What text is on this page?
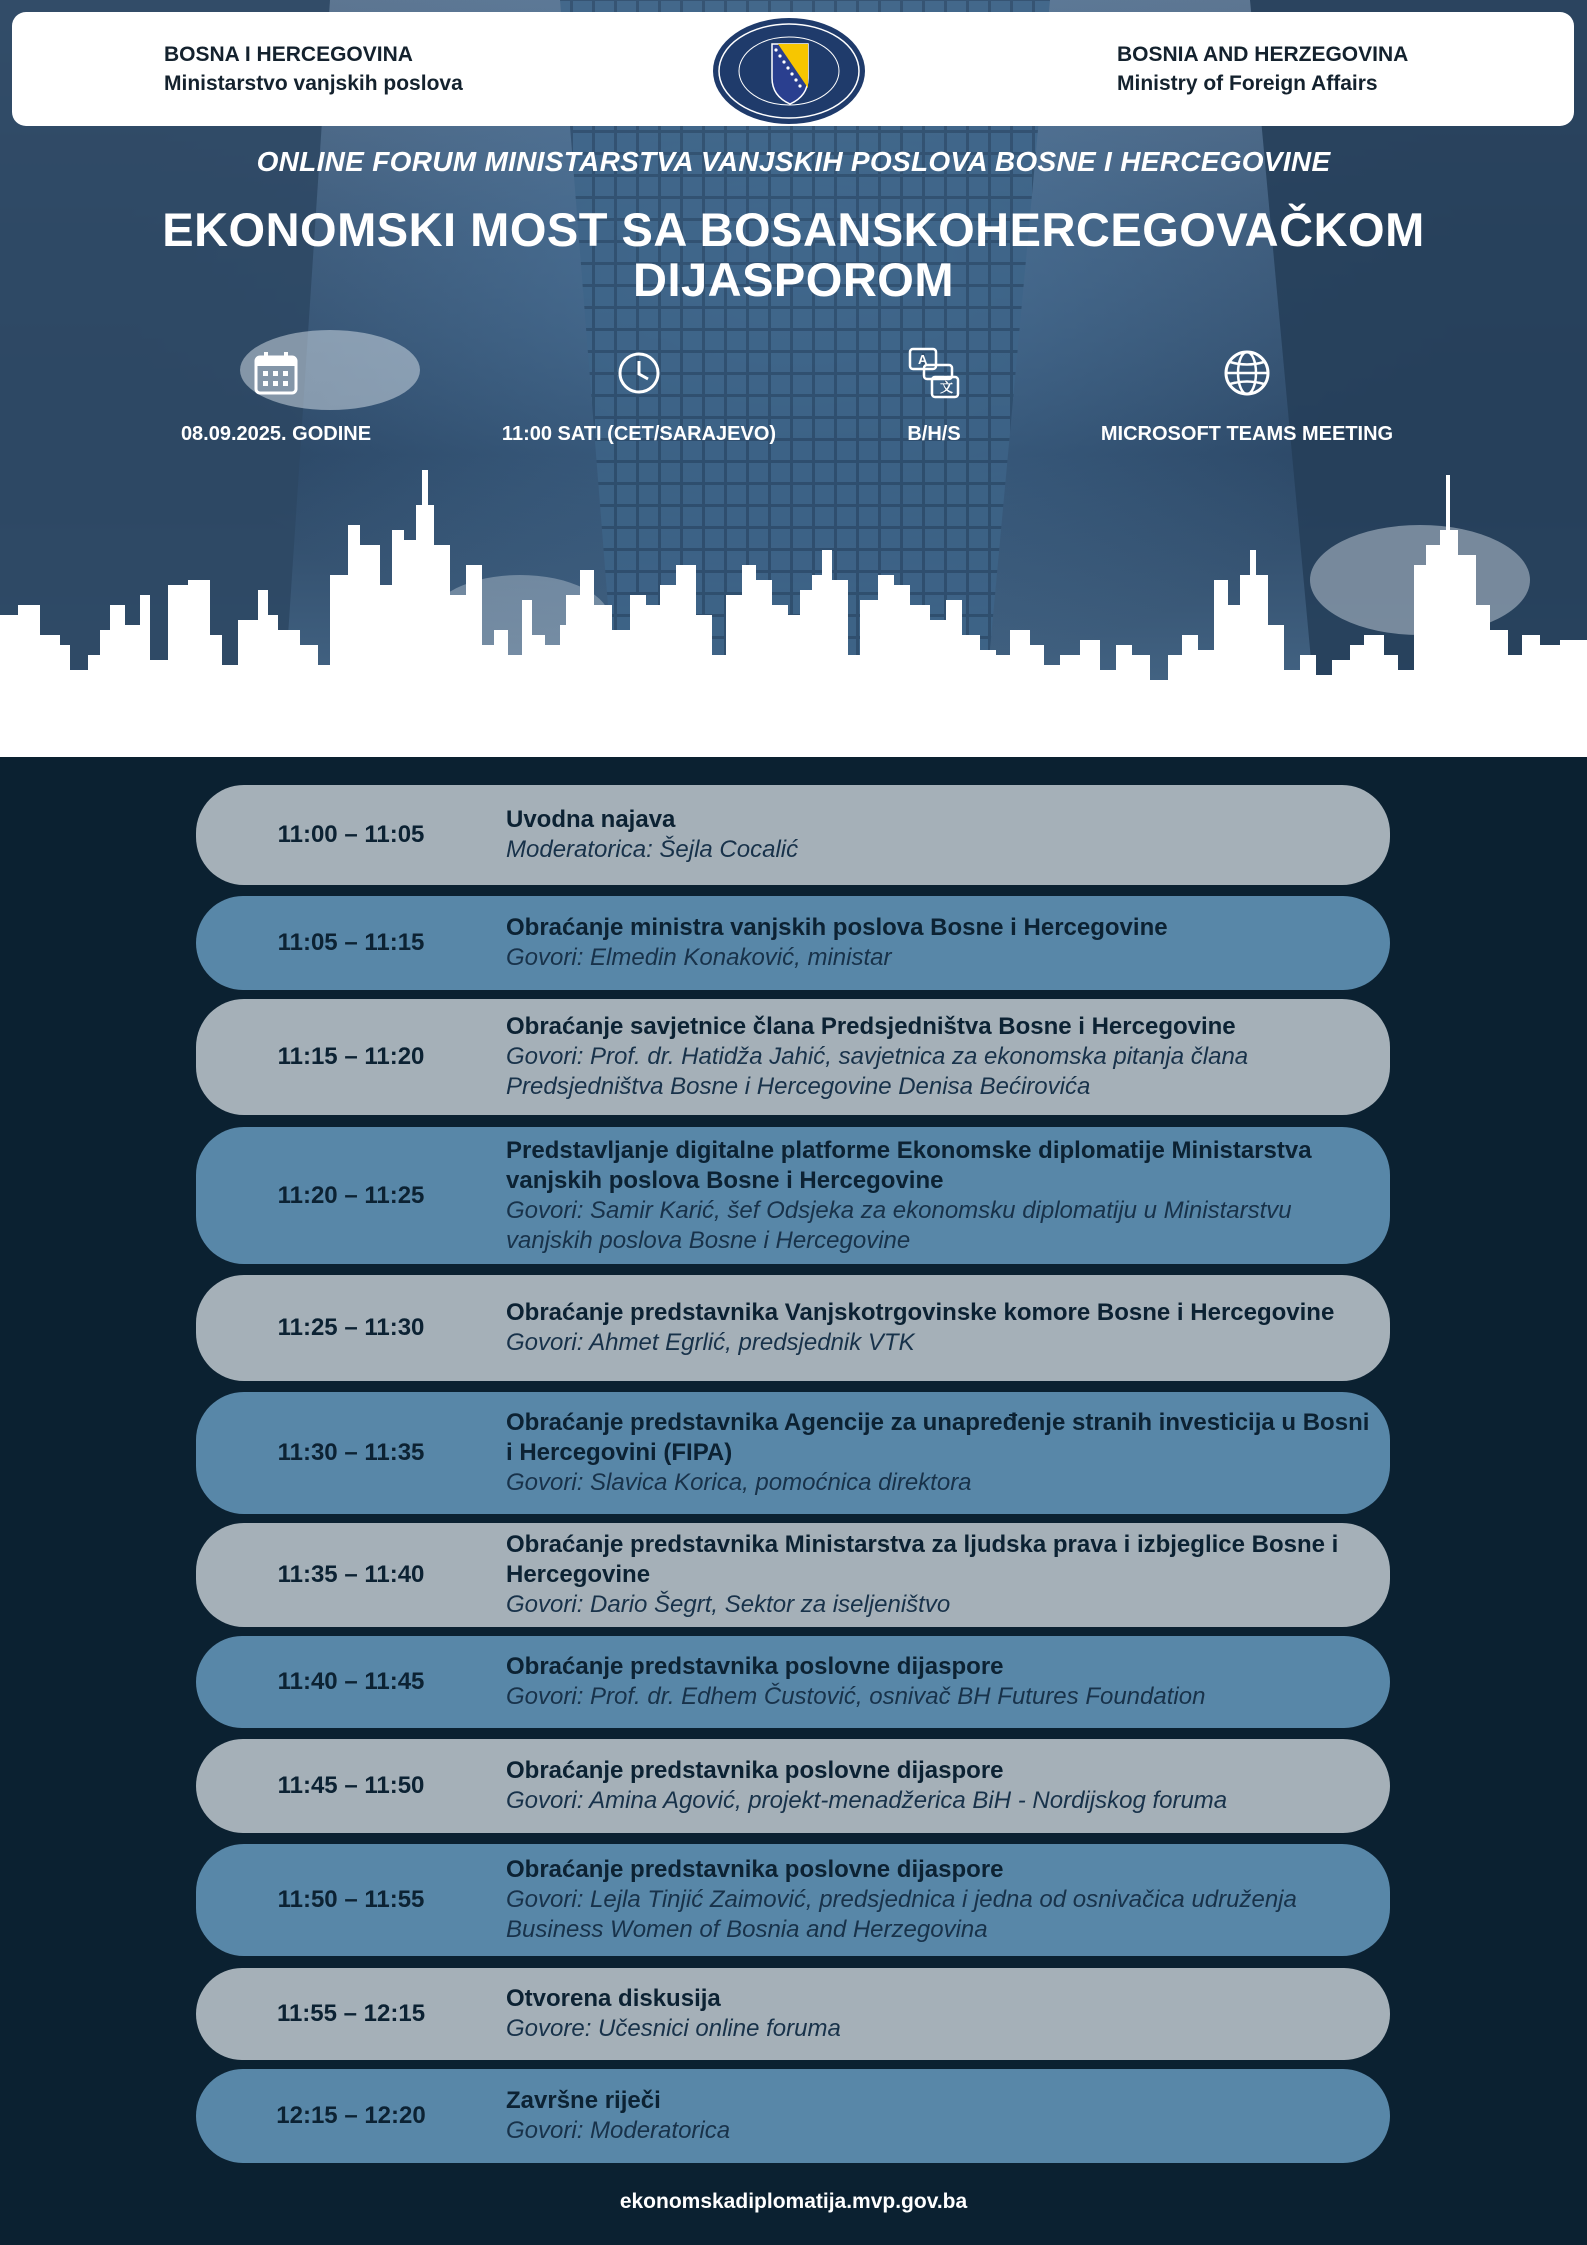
BOSNA I HERCEGOVINA
Ministarstvo vanjskih poslova
BOSNIA AND HERZEGOVINA
Ministry of Foreign Affairs
ONLINE FORUM MINISTARSTVA VANJSKIH POSLOVA BOSNE I HERCEGOVINE
EKONOMSKI MOST SA BOSANSKOHERCEGOVAČKOM
DIJASPOROM
08.09.2025. GODINE	11:00 SATI (CET/SARAJEVO)
A
文
B/H/S	MICROSOFT TEAMS MEETING
11:00 – 11:05
Uvodna najava
Moderatorica: Šejla Cocalić
11:05 – 11:15
Obraćanje ministra vanjskih poslova Bosne i Hercegovine
Govori: Elmedin Konaković, ministar
11:15 – 11:20
Obraćanje savjetnice člana Predsjedništva Bosne i Hercegovine
Govori: Prof. dr. Hatidža Jahić, savjetnica za ekonomska pitanja člana Predsjedništva Bosne i Hercegovine Denisa Bećirovića
11:20 – 11:25
Predstavljanje digitalne platforme Ekonomske diplomatije Ministarstva vanjskih poslova Bosne i Hercegovine
Govori: Samir Karić, šef Odsjeka za ekonomsku diplomatiju u Ministarstvu vanjskih poslova Bosne i Hercegovine
11:25 – 11:30
Obraćanje predstavnika Vanjskotrgovinske komore Bosne i Hercegovine
Govori: Ahmet Egrlić, predsjednik VTK
11:30 – 11:35
Obraćanje predstavnika Agencije za unapređenje stranih investicija u Bosni i Hercegovini (FIPA)
Govori: Slavica Korica, pomoćnica direktora
11:35 – 11:40
Obraćanje predstavnika Ministarstva za ljudska prava i izbjeglice Bosne i Hercegovine
Govori: Dario Šegrt, Sektor za iseljeništvo
11:40 – 11:45
Obraćanje predstavnika poslovne dijaspore
Govori: Prof. dr. Edhem Čustović, osnivač BH Futures Foundation
11:45 – 11:50
Obraćanje predstavnika poslovne dijaspore
Govori: Amina Agović, projekt-menadžerica BiH - Nordijskog foruma
11:50 – 11:55
Obraćanje predstavnika poslovne dijaspore
Govori: Lejla Tinjić Zaimović, predsjednica i jedna od osnivačica udruženja Business Women of Bosnia and Herzegovina
11:55 – 12:15
Otvorena diskusija
Govore: Učesnici online foruma
12:15 – 12:20
Završne riječi
Govori: Moderatorica
ekonomskadiplomatija.mvp.gov.ba
